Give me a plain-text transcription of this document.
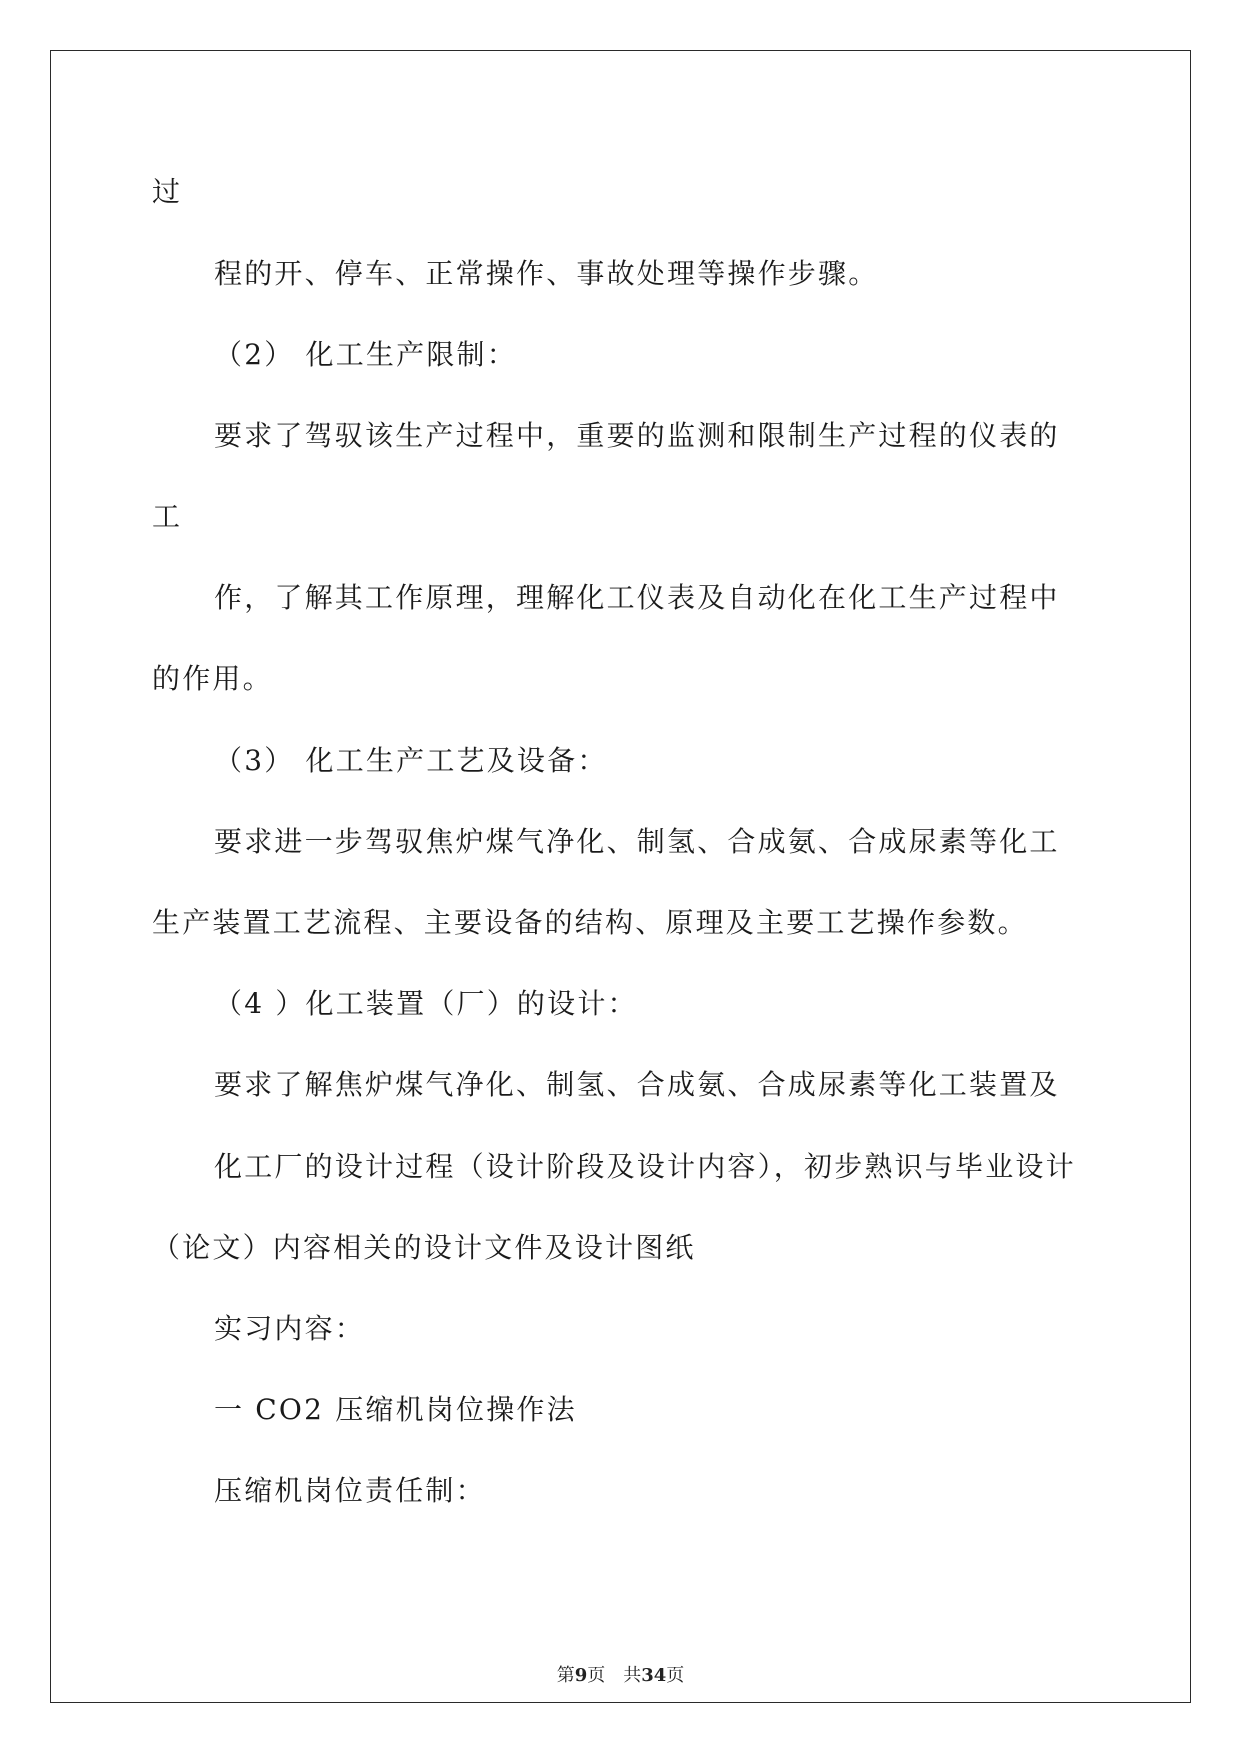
过
程的开、停车、正常操作、事故处理等操作步骤。
（2） 化工生产限制：
要求了驾驭该生产过程中，重要的监测和限制生产过程的仪表的
工
作，了解其工作原理，理解化工仪表及自动化在化工生产过程中
的作用。
（3） 化工生产工艺及设备：
要求进一步驾驭焦炉煤气净化、制氢、合成氨、合成尿素等化工
生产装置工艺流程、主要设备的结构、原理及主要工艺操作参数。
（4 ）化工装置（厂）的设计：
要求了解焦炉煤气净化、制氢、合成氨、合成尿素等化工装置及
化工厂的设计过程（设计阶段及设计内容），初步熟识与毕业设计
（论文）内容相关的设计文件及设计图纸
实习内容：
一 CO2 压缩机岗位操作法
压缩机岗位责任制：
第9页 共34页
